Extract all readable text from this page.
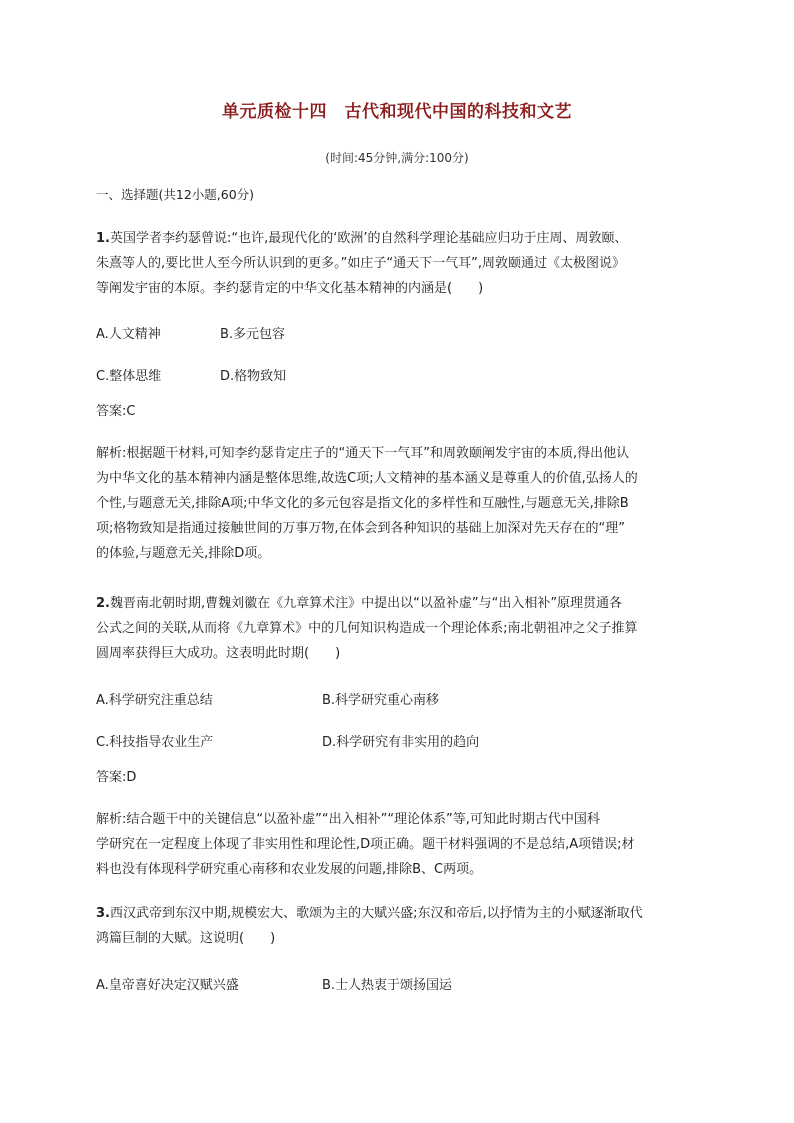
单元质检十四　古代和现代中国的科技和文艺
(时间:45分钟,满分:100分)
一、选择题(共12小题,60分)
1.英国学者李约瑟曾说:“也许,最现代化的‘欧洲’的自然科学理论基础应归功于庄周、周敦颐、
朱熹等人的,要比世人至今所认识到的更多。”如庄子“通天下一气耳”,周敦颐通过《太极图说》
等阐发宇宙的本原。李约瑟肯定的中华文化基本精神的内涵是(　　)
A.人文精神	B.多元包容
C.整体思维	D.格物致知
答案:C
解析:根据题干材料,可知李约瑟肯定庄子的“通天下一气耳”和周敦颐阐发宇宙的本质,得出他认
为中华文化的基本精神内涵是整体思维,故选C项;人文精神的基本涵义是尊重人的价值,弘扬人的
个性,与题意无关,排除A项;中华文化的多元包容是指文化的多样性和互融性,与题意无关,排除B
项;格物致知是指通过接触世间的万事万物,在体会到各种知识的基础上加深对先天存在的“理”
的体验,与题意无关,排除D项。
2.魏晋南北朝时期,曹魏刘徽在《九章算术注》中提出以“以盈补虚”与“出入相补”原理贯通各
公式之间的关联,从而将《九章算术》中的几何知识构造成一个理论体系;南北朝祖冲之父子推算
圆周率获得巨大成功。这表明此时期(　　)
A.科学研究注重总结	B.科学研究重心南移
C.科技指导农业生产	D.科学研究有非实用的趋向
答案:D
解析:结合题干中的关键信息“以盈补虚”“出入相补”“理论体系”等,可知此时期古代中国科
学研究在一定程度上体现了非实用性和理论性,D项正确。题干材料强调的不是总结,A项错误;材
料也没有体现科学研究重心南移和农业发展的问题,排除B、C两项。
3.西汉武帝到东汉中期,规模宏大、歌颂为主的大赋兴盛;东汉和帝后,以抒情为主的小赋逐渐取代
鸿篇巨制的大赋。这说明(　　)
A.皇帝喜好决定汉赋兴盛	B.士人热衷于颂扬国运
